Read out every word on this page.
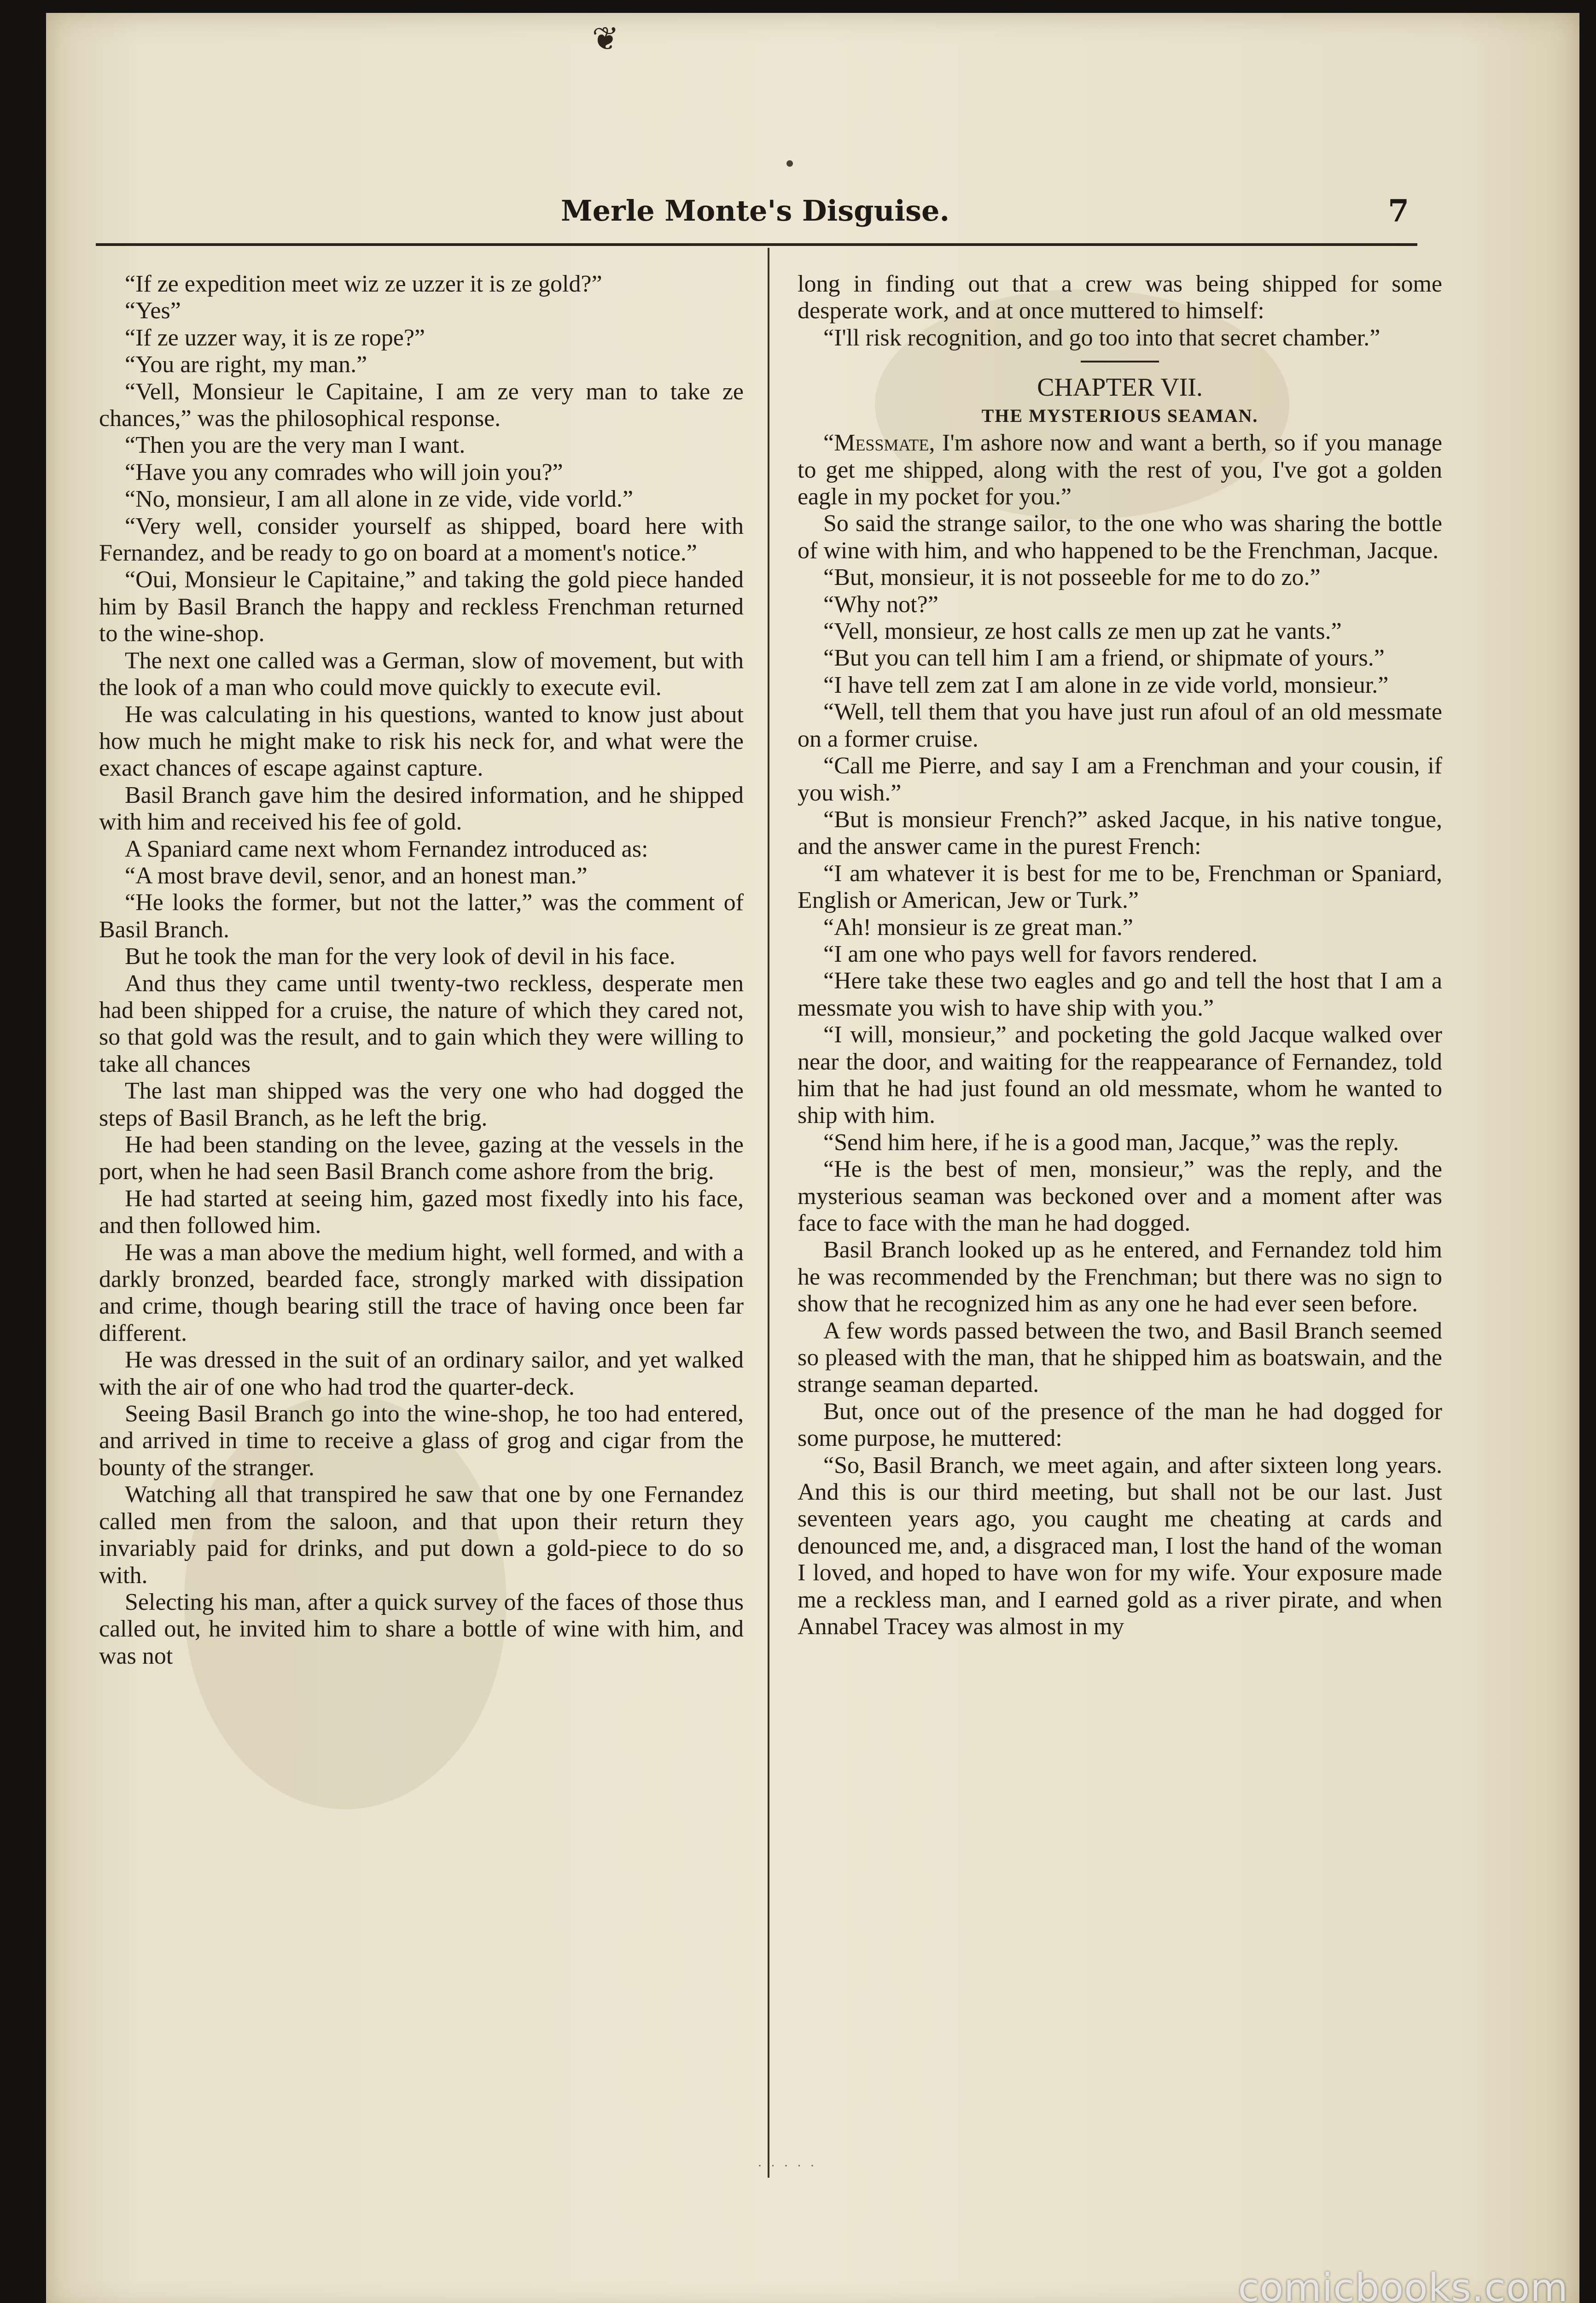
❦
Merle Monte's Disguise.	7

“If ze expedition meet wiz ze uzzer it is ze gold?”

“Yes”

“If ze uzzer way, it is ze rope?”

“You are right, my man.”

“Vell, Monsieur le Capitaine, I am ze very man to take ze chances,” was the philosophical response.

“Then you are the very man I want.

“Have you any comrades who will join you?”

“No, monsieur, I am all alone in ze vide, vide vorld.”

“Very well, consider yourself as shipped, board here with Fernandez, and be ready to go on board at a moment's notice.”

“Oui, Monsieur le Capitaine,” and taking the gold piece handed him by Basil Branch the happy and reckless Frenchman returned to the wine-shop.

The next one called was a German, slow of movement, but with the look of a man who could move quickly to execute evil.

He was calculating in his questions, wanted to know just about how much he might make to risk his neck for, and what were the exact chances of escape against capture.

Basil Branch gave him the desired information, and he shipped with him and received his fee of gold.

A Spaniard came next whom Fernandez introduced as:

“A most brave devil, senor, and an honest man.”

“He looks the former, but not the latter,” was the comment of Basil Branch.

But he took the man for the very look of devil in his face.

And thus they came until twenty-two reckless, desperate men had been shipped for a cruise, the nature of which they cared not, so that gold was the result, and to gain which they were willing to take all chances

The last man shipped was the very one who had dogged the steps of Basil Branch, as he left the brig.

He had been standing on the levee, gazing at the vessels in the port, when he had seen Basil Branch come ashore from the brig.

He had started at seeing him, gazed most fixedly into his face, and then followed him.

He was a man above the medium hight, well formed, and with a darkly bronzed, bearded face, strongly marked with dissipation and crime, though bearing still the trace of having once been far different.

He was dressed in the suit of an ordinary sailor, and yet walked with the air of one who had trod the quarter-deck.

Seeing Basil Branch go into the wine-shop, he too had entered, and arrived in time to receive a glass of grog and cigar from the bounty of the stranger.

Watching all that transpired he saw that one by one Fernandez called men from the saloon, and that upon their return they invariably paid for drinks, and put down a gold-piece to do so with.

Selecting his man, after a quick survey of the faces of those thus called out, he invited him to share a bottle of wine with him, and was not

long in finding out that a crew was being shipped for some desperate work, and at once muttered to himself:

“I'll risk recognition, and go too into that secret chamber.”

CHAPTER VII.
THE MYSTERIOUS SEAMAN.

“Messmate, I'm ashore now and want a berth, so if you manage to get me shipped, along with the rest of you, I've got a golden eagle in my pocket for you.”

So said the strange sailor, to the one who was sharing the bottle of wine with him, and who happened to be the Frenchman, Jacque.

“But, monsieur, it is not posseeble for me to do zo.”

“Why not?”

“Vell, monsieur, ze host calls ze men up zat he vants.”

“But you can tell him I am a friend, or shipmate of yours.”

“I have tell zem zat I am alone in ze vide vorld, monsieur.”

“Well, tell them that you have just run afoul of an old messmate on a former cruise.

“Call me Pierre, and say I am a Frenchman and your cousin, if you wish.”

“But is monsieur French?” asked Jacque, in his native tongue, and the answer came in the purest French:

“I am whatever it is best for me to be, Frenchman or Spaniard, English or American, Jew or Turk.”

“Ah! monsieur is ze great man.”

“I am one who pays well for favors rendered.

“Here take these two eagles and go and tell the host that I am a messmate you wish to have ship with you.”

“I will, monsieur,” and pocketing the gold Jacque walked over near the door, and waiting for the reappearance of Fernandez, told him that he had just found an old messmate, whom he wanted to ship with him.

“Send him here, if he is a good man, Jacque,” was the reply.

“He is the best of men, monsieur,” was the reply, and the mysterious seaman was beckoned over and a moment after was face to face with the man he had dogged.

Basil Branch looked up as he entered, and Fernandez told him he was recommended by the Frenchman; but there was no sign to show that he recognized him as any one he had ever seen before.

A few words passed between the two, and Basil Branch seemed so pleased with the man, that he shipped him as boatswain, and the strange seaman departed.

But, once out of the presence of the man he had dogged for some purpose, he muttered:

“So, Basil Branch, we meet again, and after sixteen long years. And this is our third meeting, but shall not be our last. Just seventeen years ago, you caught me cheating at cards and denounced me, and, a disgraced man, I lost the hand of the woman I loved, and hoped to have won for my wife. Your exposure made me a reckless man, and I earned gold as a river pirate, and when Annabel Tracey was almost in my

· · · · ·
comicbooks.com
